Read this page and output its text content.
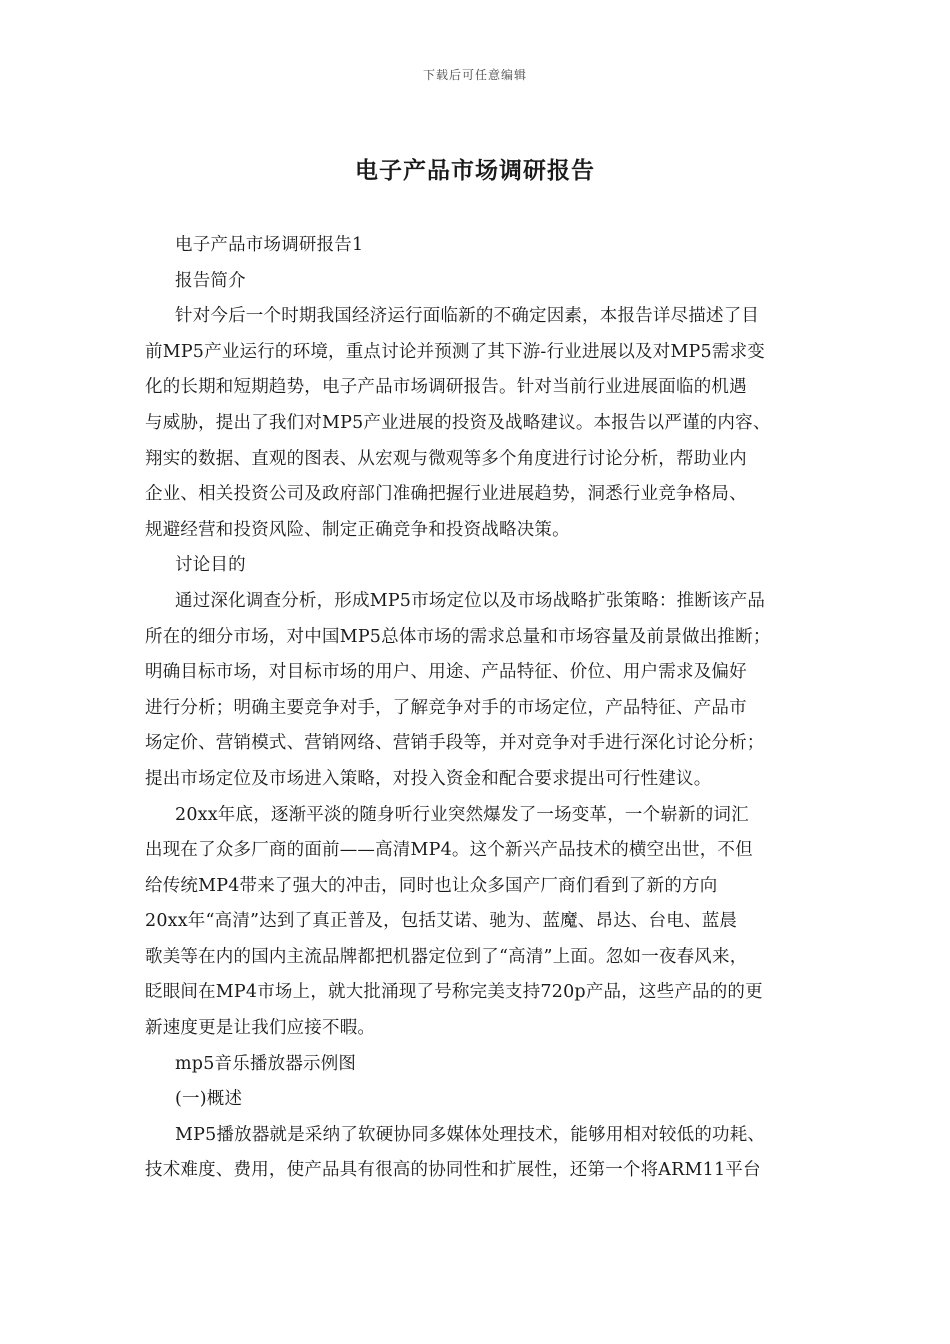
下载后可任意编辑
电子产品市场调研报告
电子产品市场调研报告1
报告简介
针对今后一个时期我国经济运行面临新的不确定因素，本报告详尽描述了目
前MP5产业运行的环境，重点讨论并预测了其下游-行业进展以及对MP5需求变
化的长期和短期趋势，电子产品市场调研报告。针对当前行业进展面临的机遇
与威胁，提出了我们对MP5产业进展的投资及战略建议。本报告以严谨的内容、
翔实的数据、直观的图表、从宏观与微观等多个角度进行讨论分析，帮助业内
企业、相关投资公司及政府部门准确把握行业进展趋势，洞悉行业竞争格局、
规避经营和投资风险、制定正确竞争和投资战略决策。
讨论目的
通过深化调查分析，形成MP5市场定位以及市场战略扩张策略：推断该产品
所在的细分市场，对中国MP5总体市场的需求总量和市场容量及前景做出推断；
明确目标市场，对目标市场的用户、用途、产品特征、价位、用户需求及偏好
进行分析；明确主要竞争对手，了解竞争对手的市场定位，产品特征、产品市
场定价、营销模式、营销网络、营销手段等，并对竞争对手进行深化讨论分析；
提出市场定位及市场进入策略，对投入资金和配合要求提出可行性建议。
20xx年底，逐渐平淡的随身听行业突然爆发了一场变革，一个崭新的词汇
出现在了众多厂商的面前——高清MP4。这个新兴产品技术的横空出世，不但
给传统MP4带来了强大的冲击，同时也让众多国产厂商们看到了新的方向
20xx年“高清”达到了真正普及，包括艾诺、驰为、蓝魔、昂达、台电、蓝晨
歌美等在内的国内主流品牌都把机器定位到了“高清”上面。忽如一夜春风来，
眨眼间在MP4市场上，就大批涌现了号称完美支持720p产品，这些产品的的更
新速度更是让我们应接不暇。
mp5音乐播放器示例图
(一)概述
MP5播放器就是采纳了软硬协同多媒体处理技术，能够用相对较低的功耗、
技术难度、费用，使产品具有很高的协同性和扩展性，还第一个将ARM11平台
